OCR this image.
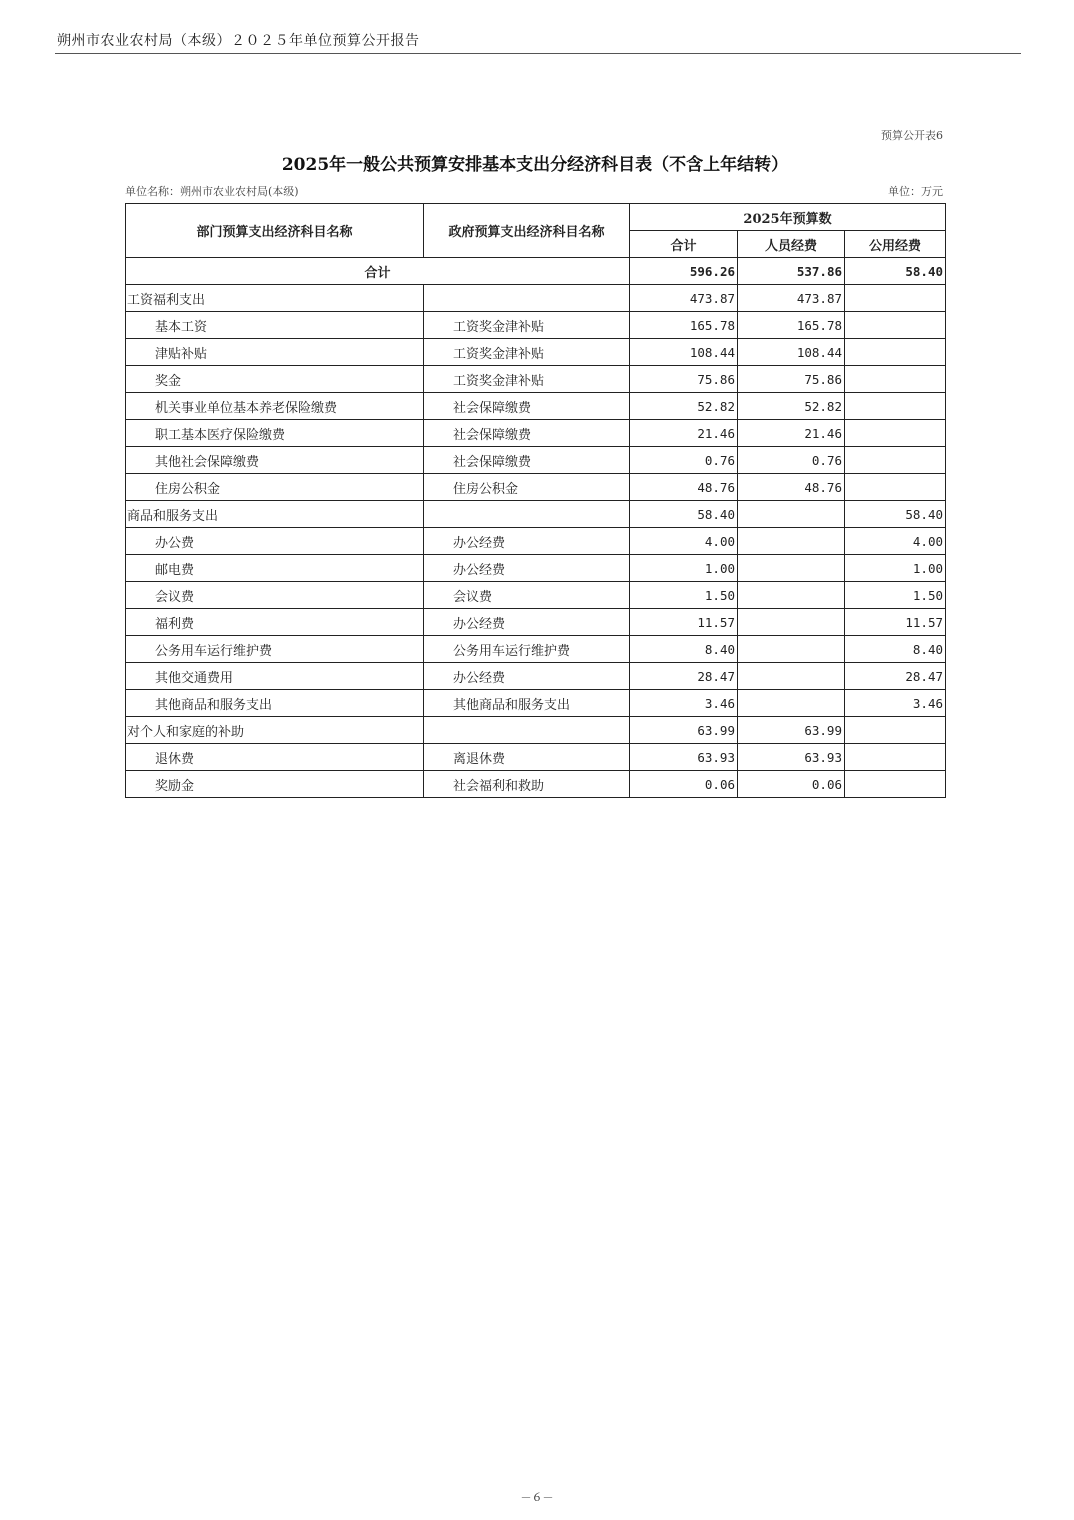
朔州市农业农村局（本级）２０２５年单位预算公开报告
预算公开表6
2025年一般公共预算安排基本支出分经济科目表（不含上年结转）
单位名称：朔州市农业农村局(本级)	单位：万元
部门预算支出经济科目名称	政府预算支出经济科目名称	2025年预算数		
		合计	人员经费	公用经费
合计		596.26	537.86	58.40
工资福利支出		473.87	473.87	
基本工资	工资奖金津补贴	165.78	165.78	
津贴补贴	工资奖金津补贴	108.44	108.44	
奖金	工资奖金津补贴	75.86	75.86	
机关事业单位基本养老保险缴费	社会保障缴费	52.82	52.82	
职工基本医疗保险缴费	社会保障缴费	21.46	21.46	
其他社会保障缴费	社会保障缴费	0.76	0.76	
住房公积金	住房公积金	48.76	48.76	
商品和服务支出		58.40		58.40
办公费	办公经费	4.00		4.00
邮电费	办公经费	1.00		1.00
会议费	会议费	1.50		1.50
福利费	办公经费	11.57		11.57
公务用车运行维护费	公务用车运行维护费	8.40		8.40
其他交通费用	办公经费	28.47		28.47
其他商品和服务支出	其他商品和服务支出	3.46		3.46
对个人和家庭的补助		63.99	63.99	
退休费	离退休费	63.93	63.93	
奖励金	社会福利和救助	0.06	0.06	
－６－
